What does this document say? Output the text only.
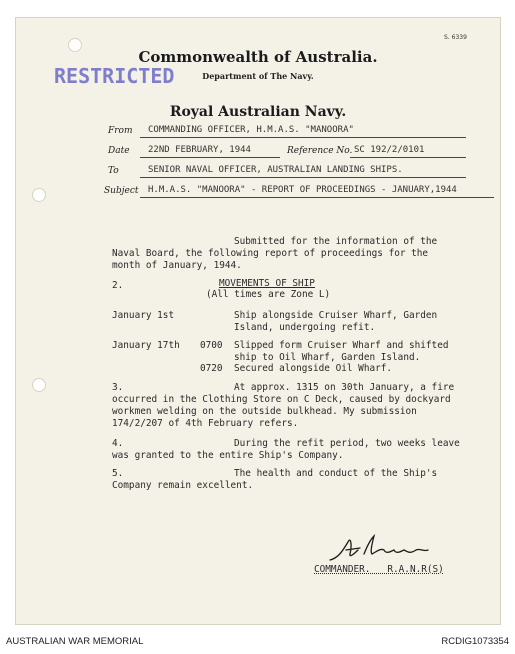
S. 6339
RESTRICTED
Commonwealth of Australia.
Department of The Navy.
Royal Australian Navy.
From COMMANDING OFFICER, H.M.A.S. "MANOORA"
Date 22ND FEBRUARY, 1944	Reference No. SC 192/2/0101
To	SENIOR NAVAL OFFICER, AUSTRALIAN LANDING SHIPS.
Subject H.M.A.S. "MANOORA" - REPORT OF PROCEEDINGS - JANUARY,1944
Submitted for the information of the
Naval Board, the following report of proceedings for the
month of January, 1944.
2.	MOVEMENTS OF SHIP
(All times are Zone L)
January 1st	Ship alongside Cruiser Wharf, Garden
Island, undergoing refit.
January 17th 0700 Slipped form Cruiser Wharf and shifted
ship to Oil Wharf, Garden Island.
0720 Secured alongside Oil Wharf.
3.	At approx. 1315 on 30th January, a fire
occurred in the Clothing Store on C Deck, caused by dockyard
workmen welding on the outside bulkhead. My submission
174/2/207 of 4th February refers.
4.	During the refit period, two weeks leave
was granted to the entire Ship's Company.
5.	The health and conduct of the Ship's
Company remain excellent.
COMMANDER.   R.A.N.R(S)
AUSTRALIAN WAR MEMORIAL	RCDIG1073354
